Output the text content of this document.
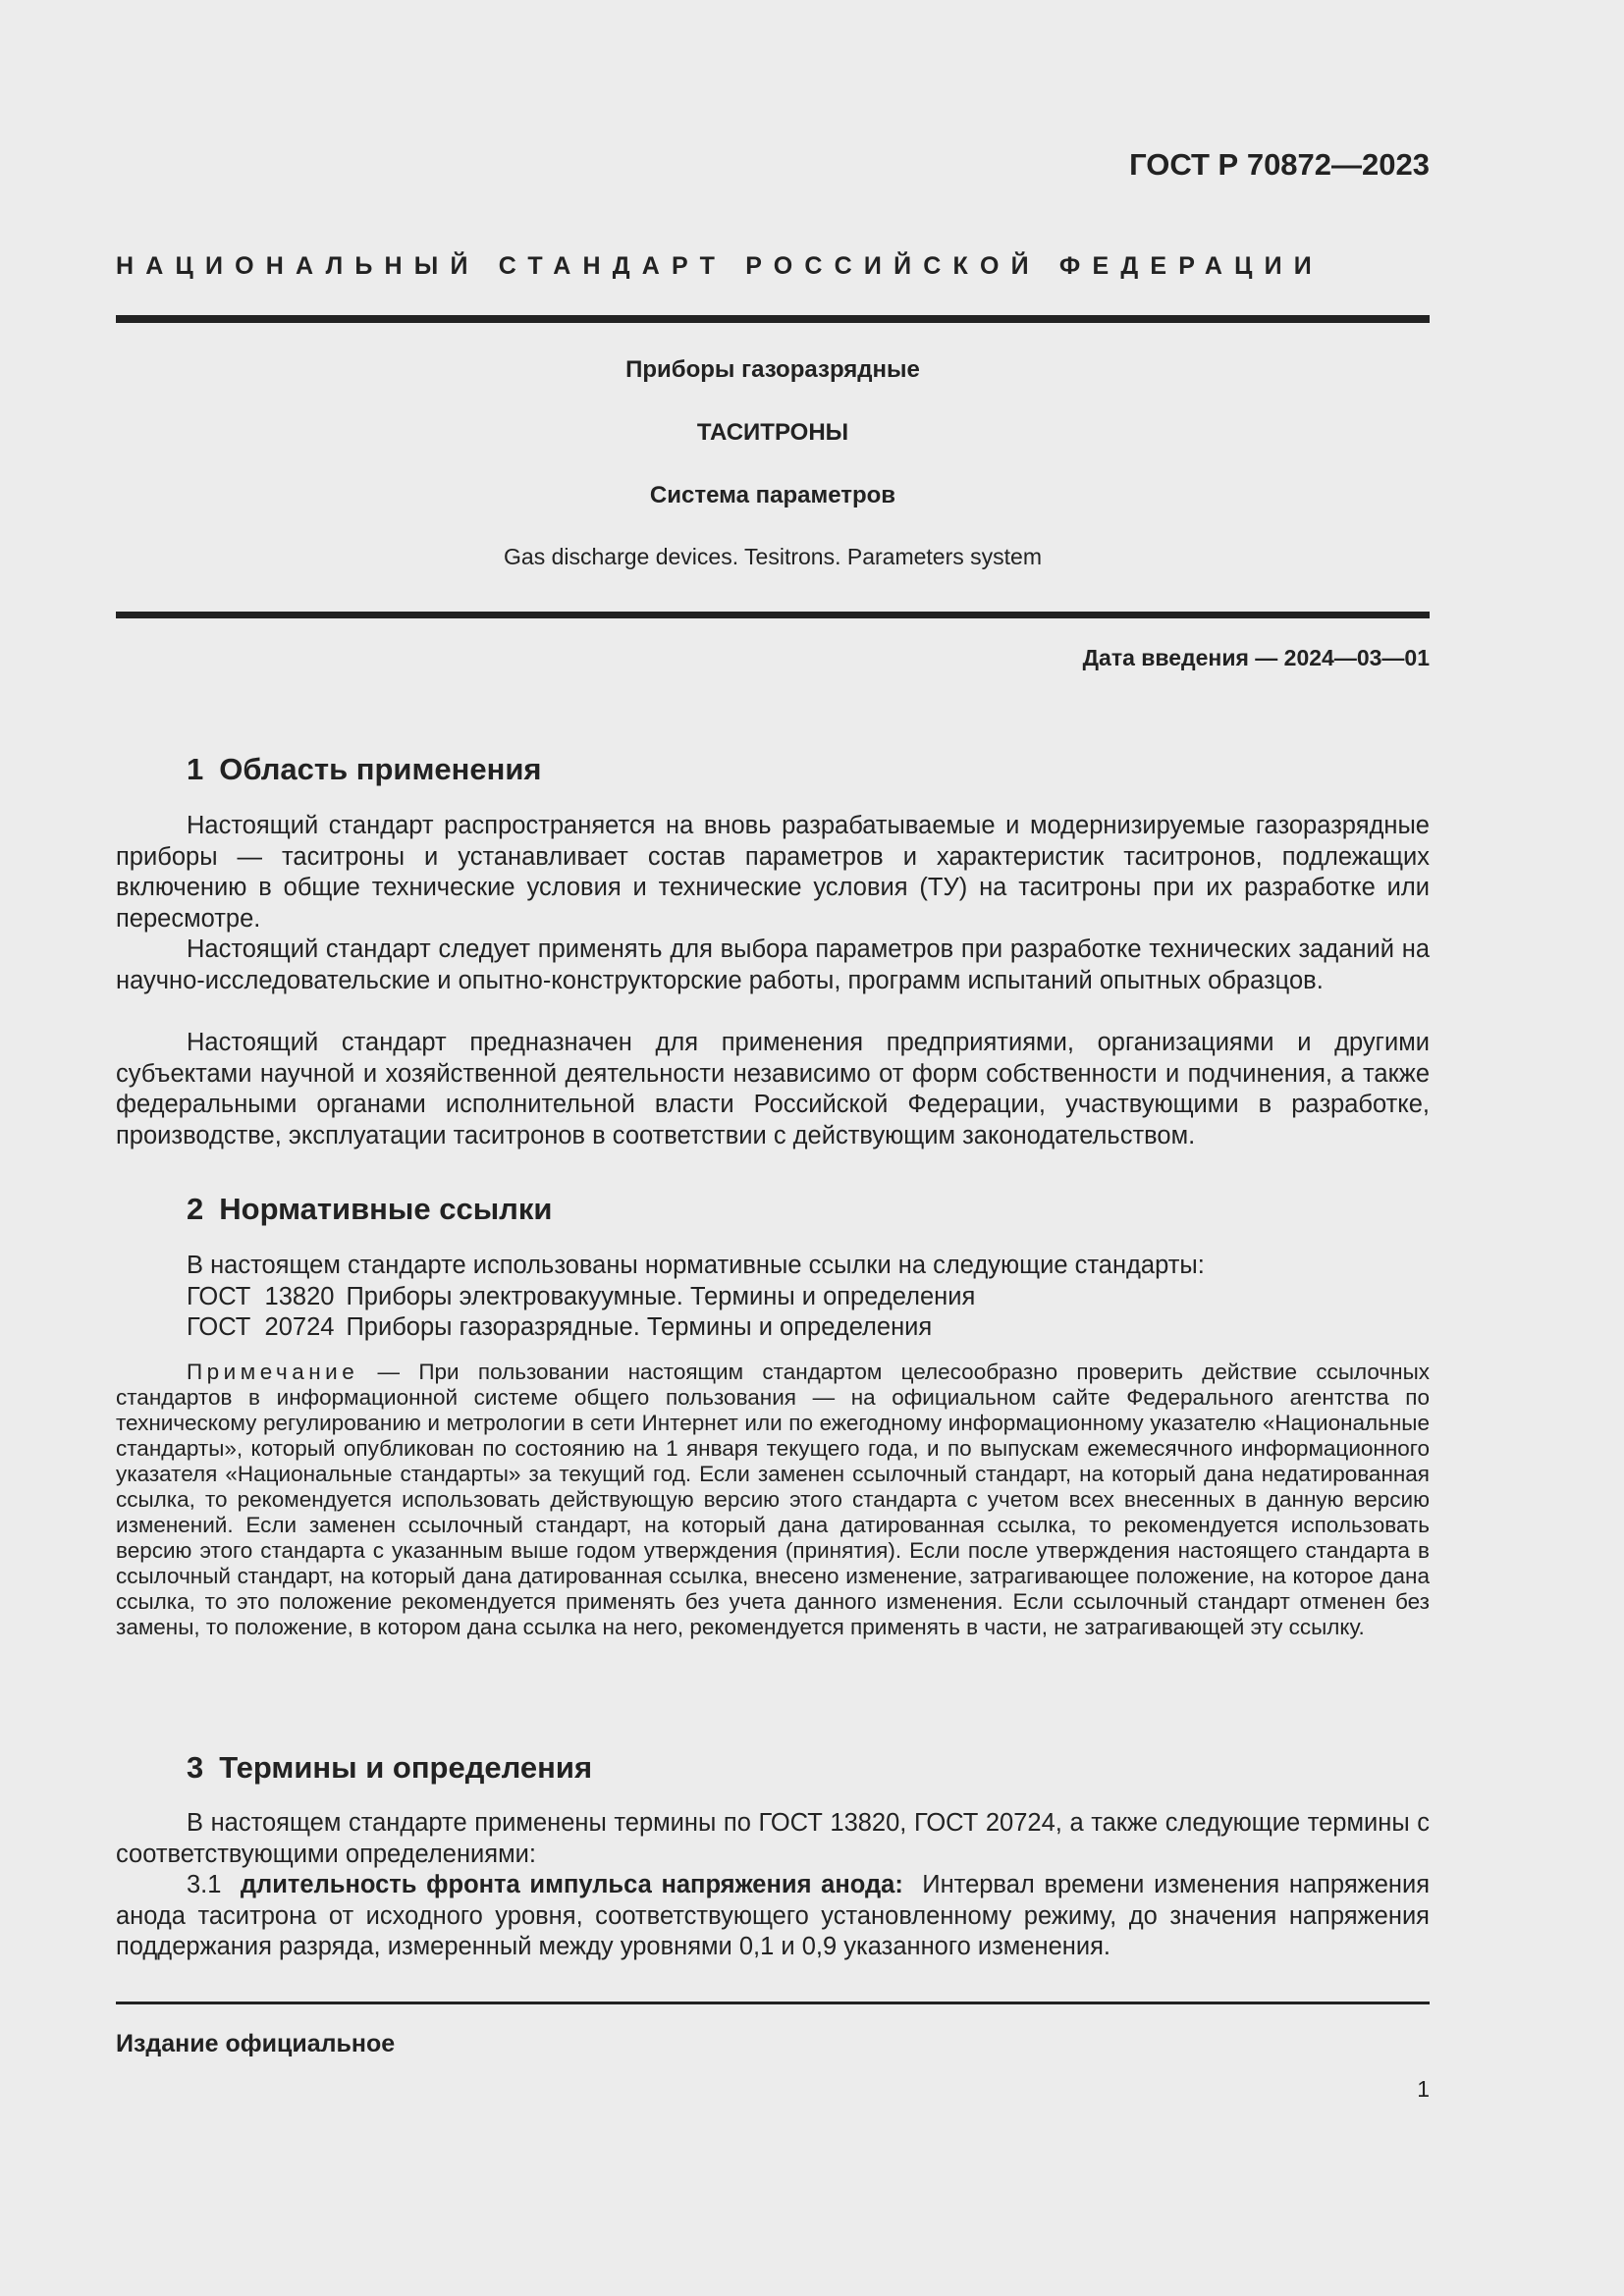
ГОСТ Р 70872—2023
НАЦИОНАЛЬНЫЙ СТАНДАРТ РОССИЙСКОЙ ФЕДЕРАЦИИ
Приборы газоразрядные
ТАСИТРОНЫ
Система параметров
Gas discharge devices. Tesitrons. Parameters system
Дата введения — 2024—03—01
1 Область применения

Настоящий стандарт распространяется на вновь разрабатываемые и модернизируемые газоразрядные приборы — таситроны и устанавливает состав параметров и характеристик таситронов, подлежащих включению в общие технические условия и технические условия (ТУ) на таситроны при их разработке или пересмотре.

Настоящий стандарт следует применять для выбора параметров при разработке технических заданий на научно-исследовательские и опытно-конструкторские работы, программ испытаний опытных образцов.

Настоящий стандарт предназначен для применения предприятиями, организациями и другими субъектами научной и хозяйственной деятельности независимо от форм собственности и подчинения, а также федеральными органами исполнительной власти Российской Федерации, участвующими в разработке, производстве, эксплуатации таситронов в соответствии с действующим законодательством.

2 Нормативные ссылки
В настоящем стандарте использованы нормативные ссылки на следующие стандарты:
ГОСТ  13820 Приборы электровакуумные. Термины и определения
ГОСТ  20724 Приборы газоразрядные. Термины и определения

Примечание — При пользовании настоящим стандартом целесообразно проверить действие ссылочных стандартов в информационной системе общего пользования — на официальном сайте Федерального агентства по техническому регулированию и метрологии в сети Интернет или по ежегодному информационному указателю «Национальные стандарты», который опубликован по состоянию на 1 января текущего года, и по выпускам ежемесячного информационного указателя «Национальные стандарты» за текущий год. Если заменен ссылочный стандарт, на который дана недатированная ссылка, то рекомендуется использовать действующую версию этого стандарта с учетом всех внесенных в данную версию изменений. Если заменен ссылочный стандарт, на который дана датированная ссылка, то рекомендуется использовать версию этого стандарта с указанным выше годом утверждения (принятия). Если после утверждения настоящего стандарта в ссылочный стандарт, на который дана датированная ссылка, внесено изменение, затрагивающее положение, на которое дана ссылка, то это положение рекомендуется применять без учета данного изменения. Если ссылочный стандарт отменен без замены, то положение, в котором дана ссылка на него, рекомендуется применять в части, не затрагивающей эту ссылку.

3 Термины и определения

В настоящем стандарте применены термины по ГОСТ 13820, ГОСТ 20724, а также следующие термины с соответствующими определениями:

3.1 длительность фронта импульса напряжения анода: Интервал времени изменения напряжения анода таситрона от исходного уровня, соответствующего установленному режиму, до значения напряжения поддержания разряда, измеренный между уровнями 0,1 и 0,9 указанного изменения.

Издание официальное
1
